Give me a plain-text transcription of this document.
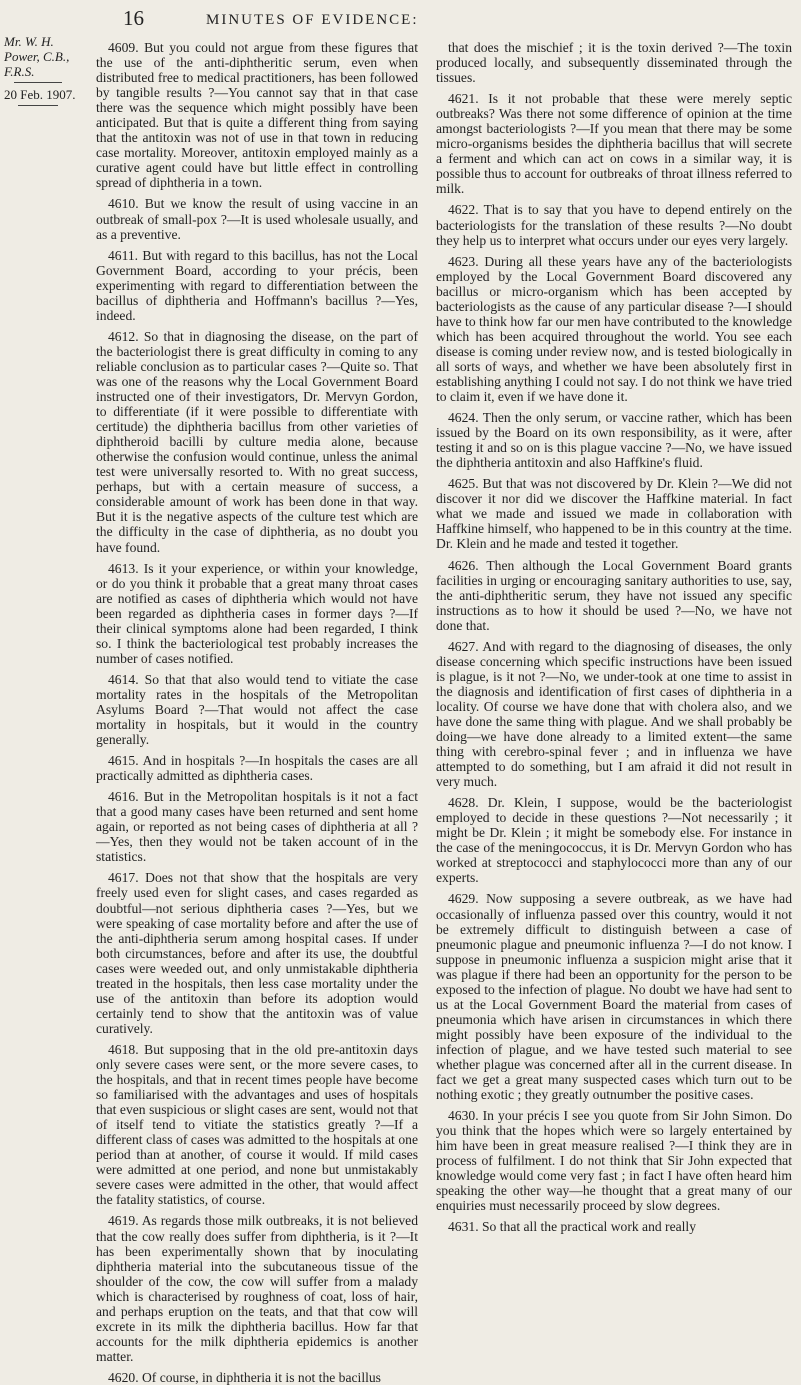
16	MINUTES OF EVIDENCE:
Mr. W. H. Power, C.B., F.R.S.
20 Feb. 1907.

4609. But you could not argue from these figures that the use of the anti-diphtheritic serum, even when distributed free to medical practitioners, has been followed by tangible results ?—You cannot say that in that case there was the sequence which might possibly have been anticipated. But that is quite a different thing from saying that the antitoxin was not of use in that town in reducing case mortality. Moreover, antitoxin employed mainly as a curative agent could have but little effect in controlling spread of diphtheria in a town.

4610. But we know the result of using vaccine in an outbreak of small-pox ?—It is used wholesale usually, and as a preventive.

4611. But with regard to this bacillus, has not the Local Government Board, according to your précis, been experimenting with regard to differentiation between the bacillus of diphtheria and Hoffmann's bacillus ?—Yes, indeed.

4612. So that in diagnosing the disease, on the part of the bacteriologist there is great difficulty in coming to any reliable conclusion as to particular cases ?—Quite so. That was one of the reasons why the Local Government Board instructed one of their investigators, Dr. Mervyn Gordon, to differentiate (if it were possible to differentiate with certitude) the diphtheria bacillus from other varieties of diphtheroid bacilli by culture media alone, because otherwise the confusion would continue, unless the animal test were universally resorted to. With no great success, perhaps, but with a certain measure of success, a considerable amount of work has been done in that way. But it is the negative aspects of the culture test which are the difficulty in the case of diphtheria, as no doubt you have found.

4613. Is it your experience, or within your knowledge, or do you think it probable that a great many throat cases are notified as cases of diphtheria which would not have been regarded as diphtheria cases in former days ?—If their clinical symptoms alone had been regarded, I think so. I think the bacteriological test probably increases the number of cases notified.

4614. So that that also would tend to vitiate the case mortality rates in the hospitals of the Metropolitan Asylums Board ?—That would not affect the case mortality in hospitals, but it would in the country generally.

4615. And in hospitals ?—In hospitals the cases are all practically admitted as diphtheria cases.

4616. But in the Metropolitan hospitals is it not a fact that a good many cases have been returned and sent home again, or reported as not being cases of diphtheria at all ?—Yes, then they would not be taken account of in the statistics.

4617. Does not that show that the hospitals are very freely used even for slight cases, and cases regarded as doubtful—not serious diphtheria cases ?—Yes, but we were speaking of case mortality before and after the use of the anti-diphtheria serum among hospital cases. If under both circumstances, before and after its use, the doubtful cases were weeded out, and only unmistakable diphtheria treated in the hospitals, then less case mortality under the use of the antitoxin than before its adoption would certainly tend to show that the antitoxin was of value curatively.

4618. But supposing that in the old pre-antitoxin days only severe cases were sent, or the more severe cases, to the hospitals, and that in recent times people have become so familiarised with the advantages and uses of hospitals that even suspicious or slight cases are sent, would not that of itself tend to vitiate the statistics greatly ?—If a different class of cases was admitted to the hospitals at one period than at another, of course it would. If mild cases were admitted at one period, and none but unmistakably severe cases were admitted in the other, that would affect the fatality statistics, of course.

4619. As regards those milk outbreaks, it is not believed that the cow really does suffer from diphtheria, is it ?—It has been experimentally shown that by inoculating diphtheria material into the subcutaneous tissue of the shoulder of the cow, the cow will suffer from a malady which is characterised by roughness of coat, loss of hair, and perhaps eruption on the teats, and that that cow will excrete in its milk the diphtheria bacillus. How far that accounts for the milk diphtheria epidemics is another matter.

4620. Of course, in diphtheria it is not the bacillus

that does the mischief ; it is the toxin derived ?—The toxin produced locally, and subsequently disseminated through the tissues.

4621. Is it not probable that these were merely septic outbreaks? Was there not some difference of opinion at the time amongst bacteriologists ?—If you mean that there may be some micro-organisms besides the diphtheria bacillus that will secrete a ferment and which can act on cows in a similar way, it is possible thus to account for outbreaks of throat illness referred to milk.

4622. That is to say that you have to depend entirely on the bacteriologists for the translation of these results ?—No doubt they help us to interpret what occurs under our eyes very largely.

4623. During all these years have any of the bacteriologists employed by the Local Government Board discovered any bacillus or micro-organism which has been accepted by bacteriologists as the cause of any particular disease ?—I should have to think how far our men have contributed to the knowledge which has been acquired throughout the world. You see each disease is coming under review now, and is tested biologically in all sorts of ways, and whether we have been absolutely first in establishing anything I could not say. I do not think we have tried to claim it, even if we have done it.

4624. Then the only serum, or vaccine rather, which has been issued by the Board on its own responsibility, as it were, after testing it and so on is this plague vaccine ?—No, we have issued the diphtheria antitoxin and also Haffkine's fluid.

4625. But that was not discovered by Dr. Klein ?—We did not discover it nor did we discover the Haffkine material. In fact what we made and issued we made in collaboration with Haffkine himself, who happened to be in this country at the time. Dr. Klein and he made and tested it together.

4626. Then although the Local Government Board grants facilities in urging or encouraging sanitary authorities to use, say, the anti-diphtheritic serum, they have not issued any specific instructions as to how it should be used ?—No, we have not done that.

4627. And with regard to the diagnosing of diseases, the only disease concerning which specific instructions have been issued is plague, is it not ?—No, we under-took at one time to assist in the diagnosis and identification of first cases of diphtheria in a locality. Of course we have done that with cholera also, and we have done the same thing with plague. And we shall probably be doing—we have done already to a limited extent—the same thing with cerebro-spinal fever ; and in influenza we have attempted to do something, but I am afraid it did not result in very much.

4628. Dr. Klein, I suppose, would be the bacteriologist employed to decide in these questions ?—Not necessarily ; it might be Dr. Klein ; it might be somebody else. For instance in the case of the meningococcus, it is Dr. Mervyn Gordon who has worked at streptococci and staphylococci more than any of our experts.

4629. Now supposing a severe outbreak, as we have had occasionally of influenza passed over this country, would it not be extremely difficult to distinguish between a case of pneumonic plague and pneumonic influenza ?—I do not know. I suppose in pneumonic influenza a suspicion might arise that it was plague if there had been an opportunity for the person to be exposed to the infection of plague. No doubt we have had sent to us at the Local Government Board the material from cases of pneumonia which have arisen in circumstances in which there might possibly have been exposure of the individual to the infection of plague, and we have tested such material to see whether plague was concerned after all in the current disease. In fact we get a great many suspected cases which turn out to be nothing exotic ; they greatly outnumber the positive cases.

4630. In your précis I see you quote from Sir John Simon. Do you think that the hopes which were so largely entertained by him have been in great measure realised ?—I think they are in process of fulfilment. I do not think that Sir John expected that knowledge would come very fast ; in fact I have often heard him speaking the other way—he thought that a great many of our enquiries must necessarily proceed by slow degrees.

4631. So that all the practical work and really
